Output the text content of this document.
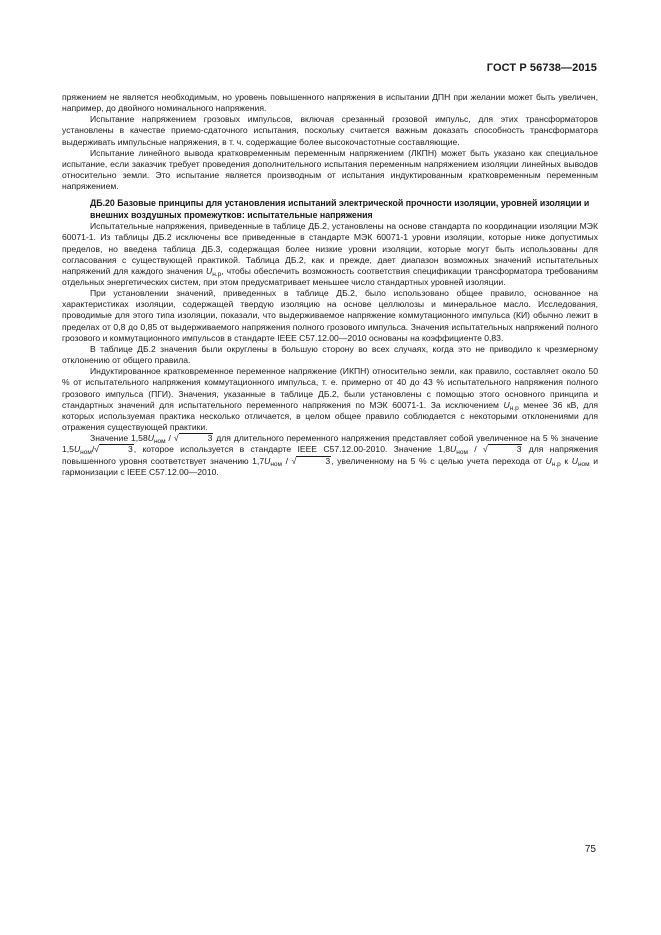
ГОСТ Р 56738—2015

пряжением не является необходимым, но уровень повышенного напряжения в испытании ДПН при желании может быть увеличен, например, до двойного номинального напряжения.

Испытание напряжением грозовых импульсов, включая срезанный грозовой импульс, для этих трансформаторов установлены в качестве приемо-сдаточного испытания, поскольку считается важным доказать способность трансформатора выдерживать импульсные напряжения, в т. ч. содержащие более высокочастотные составляющие.

Испытание линейного вывода кратковременным переменным напряжением (ЛКПН) может быть указано как специальное испытание, если заказчик требует проведения дополнительного испытания переменным напряжением изоляции линейных выводов относительно земли. Это испытание является производным от испытания индуктированным кратковременным переменным напряжением.

ДБ.20 Базовые принципы для установления испытаний электрической прочности изоляции, уровней изоляции и внешних воздушных промежутков: испытательные напряжения

Испытательные напряжения, приведенные в таблице ДБ.2, установлены на основе стандарта по координации изоляции МЭК 60071-1. Из таблицы ДБ.2 исключены все приведенные в стандарте МЭК 60071-1 уровни изоляции, которые ниже допустимых пределов, но введена таблица ДБ.3, содержащая более низкие уровни изоляции, которые могут быть использованы для согласования с существующей практикой. Таблица ДБ.2, как и прежде, дает диапазон возможных значений испытательных напряжений для каждого значения $U_{н.р}$, чтобы обеспечить возможность соответствия спецификации трансформатора требованиям отдельных энергетических систем, при этом предусматривает меньшее число стандартных уровней изоляции.

При установлении значений, приведенных в таблице ДБ.2, было использовано общее правило, основанное на характеристиках изоляции, содержащей твердую изоляцию на основе целлюлозы и минеральное масло. Исследования, проводимые для этого типа изоляции, показали, что выдерживаемое напряжение коммутационного импульса (КИ) обычно лежит в пределах от 0,8 до 0,85 от выдерживаемого напряжения полного грозового импульса. Значения испытательных напряжений полного грозового и коммутационного импульсов в стандарте IEEE C57.12.00—2010 основаны на коэффициенте 0,83.

В таблице ДБ.2 значения были округлены в большую сторону во всех случаях, когда это не приводило к чрезмерному отклонению от общего правила.

Индуктированное кратковременное переменное напряжение (ИКПН) относительно земли, как правило, составляет около 50 % от испытательного напряжения коммутационного импульса, т. е. примерно от 40 до 43 % испытательного напряжения полного грозового импульса (ПГИ). Значения, указанные в таблице ДБ.2, были установлены с помощью этого основного принципа и стандартных значений для испытательного переменного напряжения по МЭК 60071-1. За исключением $U_{н.р}$ менее 36 кВ, для которых используемая практика несколько отличается, в целом общее правило соблюдается с некоторыми отклонениями для отражения существующей практики.

Значение $1,58U_{ном}$ / √	3 для длительного переменного напряжения представляет собой увеличенное на 5 % значение $1,5U_{ном}/√$	3, которое используется в стандарте IEEE C57.12.00-2010. Значение $1,8U_{ном}$ / √	3 для напряжения повышенного уровня соответствует значению $1,7U_{ном}$ / √	3, увеличенному на 5 % с целью учета перехода от $U_{н.р}$ к $U_{ном}$ и гармонизации с IEEE C57.12.00—2010.

75
